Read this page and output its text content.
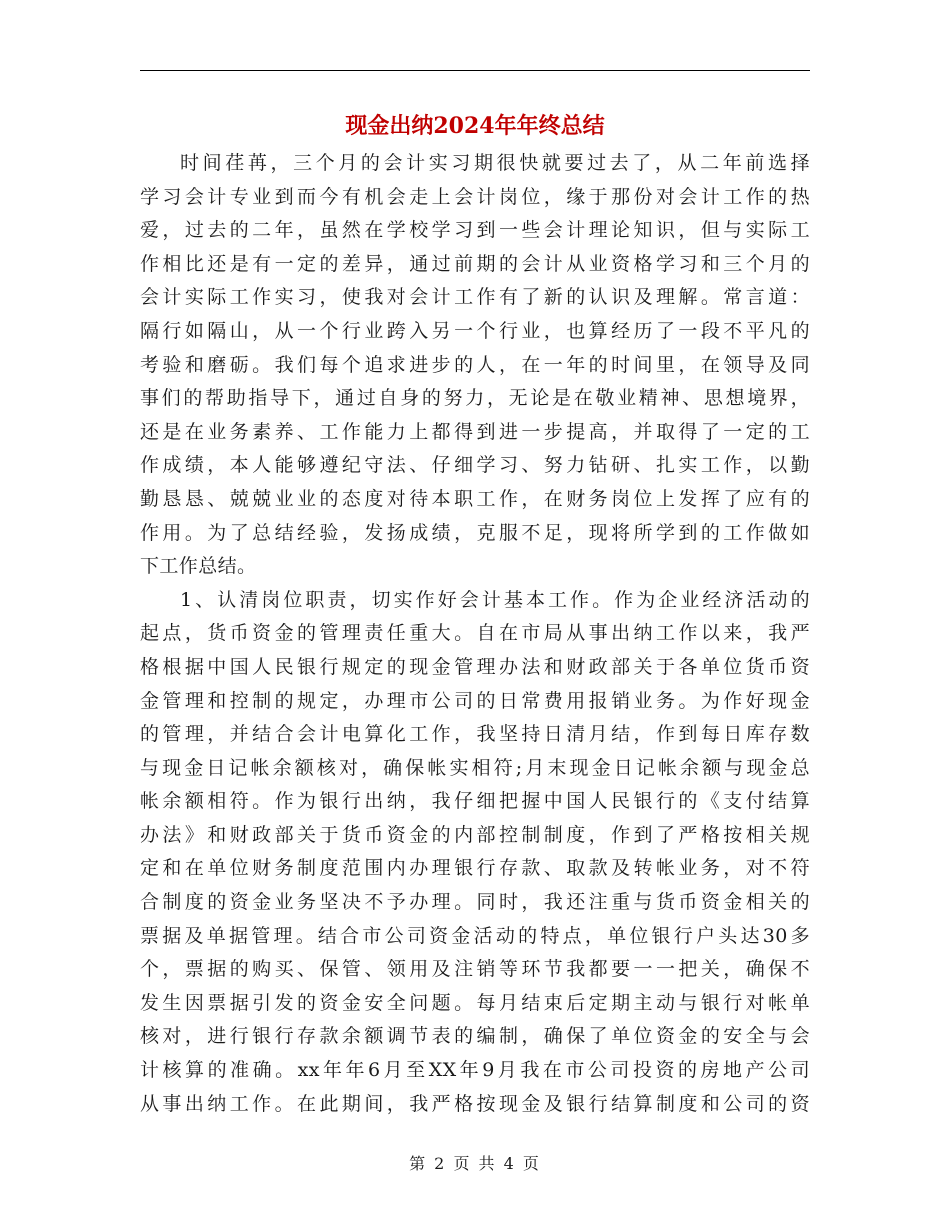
现金出纳2024年年终总结
时间荏苒，三个月的会计实习期很快就要过去了，从二年前选择
学习会计专业到而今有机会走上会计岗位，缘于那份对会计工作的热
爱，过去的二年，虽然在学校学习到一些会计理论知识，但与实际工
作相比还是有一定的差异，通过前期的会计从业资格学习和三个月的
会计实际工作实习，使我对会计工作有了新的认识及理解。常言道：
隔行如隔山，从一个行业跨入另一个行业，也算经历了一段不平凡的
考验和磨砺。我们每个追求进步的人，在一年的时间里，在领导及同
事们的帮助指导下，通过自身的努力，无论是在敬业精神、思想境界，
还是在业务素养、工作能力上都得到进一步提高，并取得了一定的工
作成绩，本人能够遵纪守法、仔细学习、努力钻研、扎实工作，以勤
勤恳恳、兢兢业业的态度对待本职工作，在财务岗位上发挥了应有的
作用。为了总结经验，发扬成绩，克服不足，现将所学到的工作做如
下工作总结。
1、认清岗位职责，切实作好会计基本工作。作为企业经济活动的
起点，货币资金的管理责任重大。自在市局从事出纳工作以来，我严
格根据中国人民银行规定的现金管理办法和财政部关于各单位货币资
金管理和控制的规定，办理市公司的日常费用报销业务。为作好现金
的管理，并结合会计电算化工作，我坚持日清月结，作到每日库存数
与现金日记帐余额核对，确保帐实相符;月末现金日记帐余额与现金总
帐余额相符。作为银行出纳，我仔细把握中国人民银行的《支付结算
办法》和财政部关于货币资金的内部控制制度，作到了严格按相关规
定和在单位财务制度范围内办理银行存款、取款及转帐业务，对不符
合制度的资金业务坚决不予办理。同时，我还注重与货币资金相关的
票据及单据管理。结合市公司资金活动的特点，单位银行户头达30多
个，票据的购买、保管、领用及注销等环节我都要一一把关，确保不
发生因票据引发的资金安全问题。每月结束后定期主动与银行对帐单
核对，进行银行存款余额调节表的编制，确保了单位资金的安全与会
计核算的准确。xx年年6月至XX年9月我在市公司投资的房地产公司
从事出纳工作。在此期间，我严格按现金及银行结算制度和公司的资
第 2 页 共 4 页
